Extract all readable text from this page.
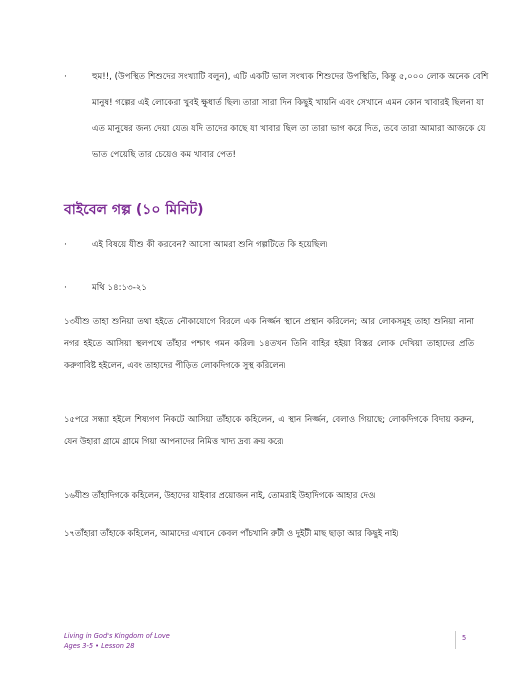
·	হুম!!, (উপস্থিত শিশুদের সংখ্যাটি বলুন), এটি একটি ভাল সংখ্যক শিশুদের উপস্থিতি, কিন্তু ৫,০০০ লোক অনেক বেশি মানুষ! গল্পের এই লোকেরা খুবই ক্ষুধার্ত ছিল৷ তারা সারা দিন কিছুই খায়নি এবং সেখানে এমন কোন খাবারই ছিলনা যা এত মানুষের জন্য দেয়া যেত৷ যদি তাদের কাছে যা খাবার ছিল তা তারা ভাগ করে দিত, তবে তারা আমারা আজকে যে ভাত পেয়েছি তার চেয়েও কম খাবার পেত!
বাইবেল গল্প (১০ মিনিট)
·	এই বিষয়ে যীশু কী করবেন? আসো আমরা শুনি গল্পটিতে কি হয়েছিল৷
·	মথি ১৪:১৩-২১

১৩যীশু তাহা শুনিয়া তথা হইতে নৌকাযোগে বিরলে এক নির্জ্জন স্থানে প্রস্থান করিলেন; আর লোকসমূহ তাহা শুনিয়া নানা নগর হইতে আসিয়া স্থলপথে তাঁহার পশ্চাৎ গমন করিল৷ ১৪তখন তিনি বাহির হইয়া বিস্তর লোক দেখিয়া তাহাদের প্রতি করুণাবিষ্ট হইলেন, এবং তাহাদের পীড়িত লোকদিগকে সুস্থ করিলেন৷

১৫পরে সন্ধ্যা হইলে শিষ্যগণ নিকটে আসিয়া তাঁহাকে কহিলেন, এ স্থান নির্জ্জন, বেলাও গিয়াছে; লোকদিগকে বিদায় করুন, যেন উহারা গ্রামে গ্রামে গিয়া আপনাদের নিমিত্ত খাদ্য দ্রব্য ক্রয় করে৷

১৬যীশু তাঁহাদিগকে কহিলেন, উহাদের যাইবার প্রয়োজন নাই, তোমরাই উহাদিগকে আহার দেও৷

১৭তাঁহারা তাঁহাকে কহিলেন, আমাদের এখানে কেবল পাঁচখানি রুটী ও দুইটী মাছ ছাড়া আর কিছুই নাই৷

Living in God's Kingdom of Love
Ages 3-5 • Lesson 28
5
